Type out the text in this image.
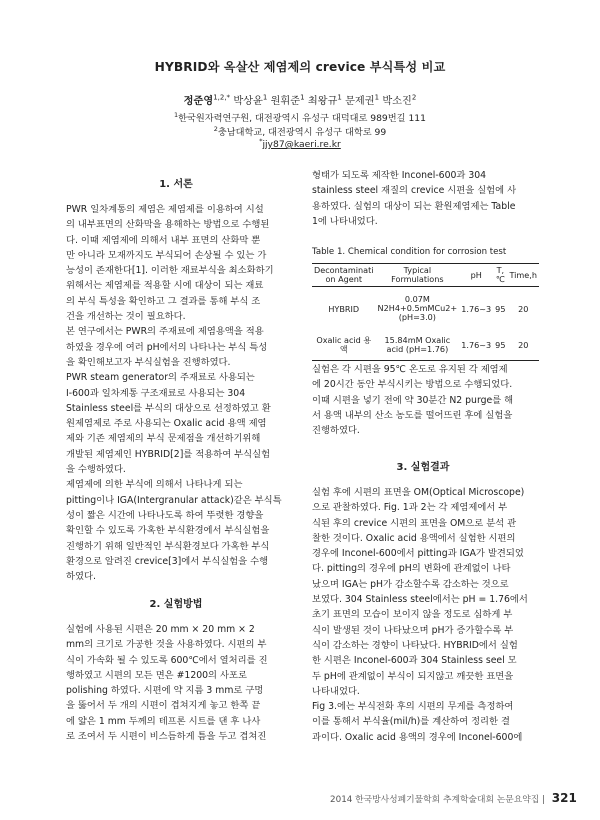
HYBRID와 옥살산 제염제의 crevice 부식특성 비교
정준영$^{1,2,*}$ 박상윤$^1$ 원휘준$^1$ 최왕규$^1$ 문제권$^1$ 박소진$^2$
$^1$한국원자력연구원, 대전광역시 유성구 대덕대로 989번길 111
$^2$충남대학교, 대전광역시 유성구 대학로 99
*jjy87@kaeri.re.kr
1. 서론
PWR 일차계통의 제염은 제염제를 이용하여 시설
의 내부표면의 산화막을 용해하는 방법으로 수행된
다. 이때 제염제에 의해서 내부 표면의 산화막 뿐
만 아니라 모재까지도 부식되어 손상될 수 있는 가
능성이 존재한다[1]. 이러한 재료부식을 최소화하기
위해서는 제염제를 적용할 시에 대상이 되는 재료
의 부식 특성을 확인하고 그 결과를 통해 부식 조
건을 개선하는 것이 필요하다.
본 연구에서는 PWR의 주재료에 제염용액을 적용
하였을 경우에 여러 pH에서의 나타나는 부식 특성
을 확인해보고자 부식실험을 진행하였다.
PWR steam generator의 주재료로 사용되는
I-600과 일차계통 구조재료로 사용되는 304
Stainless steel를 부식의 대상으로 선정하였고 환
원제염제로 주로 사용되는 Oxalic acid 용액 제염
제와 기존 제염제의 부식 문제점을 개선하기위해
개발된 제염제인 HYBRID[2]를 적용하여 부식실험
을 수행하였다.
제염제에 의한 부식에 의해서 나타나게 되는
pitting이나 IGA(Intergranular attack)같은 부식특
성이 짧은 시간에 나타나도록 하여 뚜렷한 경향을
확인할 수 있도록 가혹한 부식환경에서 부식실험을
진행하기 위해 일반적인 부식환경보다 가혹한 부식
환경으로 알려진 crevice[3]에서 부식실험을 수행
하였다.
2. 실험방법
실험에 사용된 시편은 20 mm × 20 mm × 2
mm의 크기로 가공한 것을 사용하였다. 시편의 부
식이 가속화 될 수 있도록 600℃에서 열처리를 진
행하였고 시편의 모든 면은 #1200의 사포로
polishing 하였다. 시편에 약 지름 3 mm로 구멍
을 뚫어서 두 개의 시편이 겹쳐지게 놓고 한쪽 끝
에 얇은 1 mm 두께의 테프론 시트를 댄 후 나사
로 조여서 두 시편이 비스듬하게 틈을 두고 겹쳐진
형태가 되도록 제작한 Inconel-600과 304
stainless steel 재질의 crevice 시편을 실험에 사
용하였다. 실험의 대상이 되는 환원제염제는 Table
1에 나타내었다.
Table 1. Chemical condition for corrosion test
Decontaminati on Agent	Typical Formulations	pH	T,℃	Time,h
HYBRID	0.07M N2H4+0.5mMCu2+ (pH=3.0)	1.76~3	95	20
Oxalic acid 용액	15.84mM Oxalic acid (pH=1.76)	1.76~3	95	20
실험은 각 시편을 95℃ 온도로 유지된 각 제염제
에 20시간 동안 부식시키는 방법으로 수행되었다.
이때 시편을 넣기 전에 약 30분간 N2 purge를 해
서 용액 내부의 산소 농도를 떨어뜨린 후에 실험을
진행하였다.
3. 실험결과
실험 후에 시편의 표면을 OM(Optical Microscope)
으로 관찰하였다. Fig. 1과 2는 각 제염제에서 부
식된 후의 crevice 시편의 표면을 OM으로 분석 관
찰한 것이다. Oxalic acid 용액에서 실험한 시편의
경우에 Inconel-600에서 pitting과 IGA가 발견되었
다. pitting의 경우에 pH의 변화에 관계없이 나타
났으며 IGA는 pH가 감소할수록 감소하는 것으로
보였다. 304 Stainless steel에서는 pH = 1.76에서
초기 표면의 모습이 보이지 않을 정도로 심하게 부
식이 발생된 것이 나타났으며 pH가 증가할수록 부
식이 감소하는 경향이 나타났다. HYBRID에서 실험
한 시편은 Inconel-600과 304 Stainless seel 모
두 pH에 관계없이 부식이 되지않고 깨끗한 표면을
나타내었다.
Fig 3.에는 부식전화 후의 시편의 무게를 측정하여
이를 통해서 부식율(mil/h)를 계산하여 정리한 결
과이다. Oxalic acid 용액의 경우에 Inconel-600에
2014 한국방사성폐기물학회 추계학술대회 논문요약집 | 321
